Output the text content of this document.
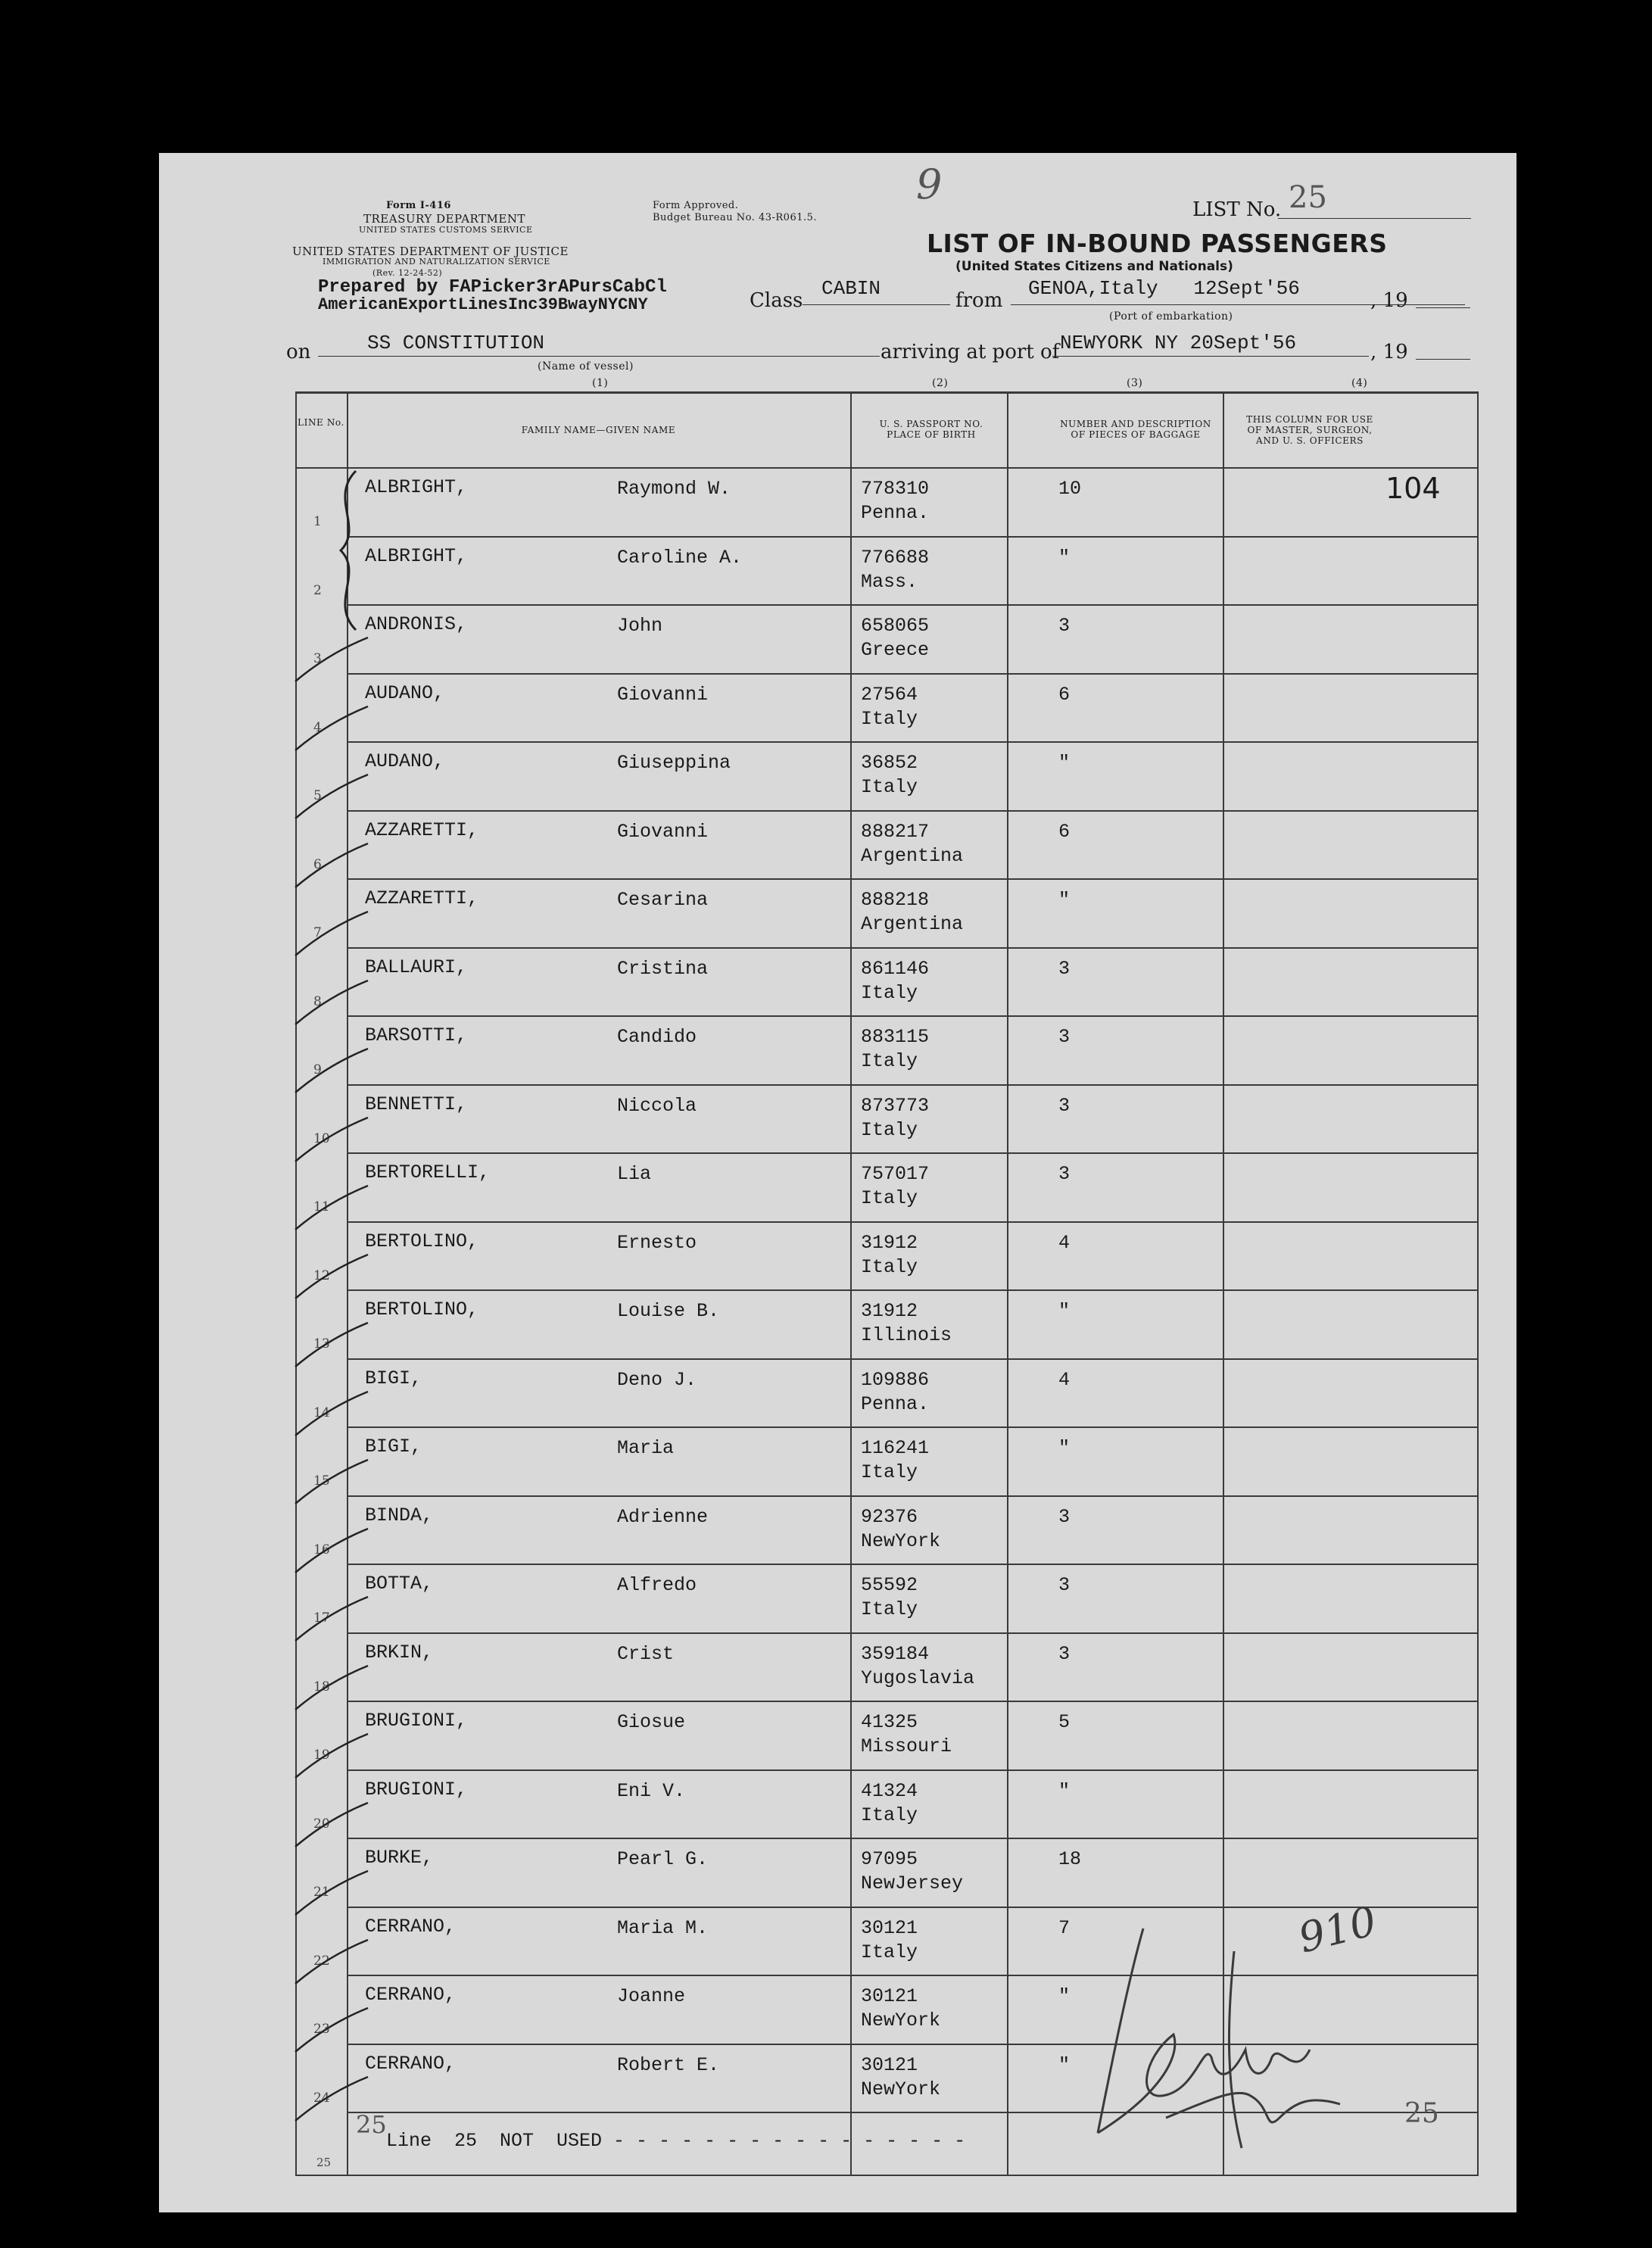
Form I-416
TREASURY DEPARTMENT
UNITED STATES CUSTOMS SERVICE
UNITED STATES DEPARTMENT OF JUSTICE
IMMIGRATION AND NATURALIZATION SERVICE
(Rev. 12-24-52)
Form Approved.
Budget Bureau No. 43-R061.5.
9
LIST No. 25
LIST OF IN-BOUND PASSENGERS
(United States Citizens and Nationals)
Prepared by FAPicker3rAPursCabCl
AmericanExportLinesInc39BwayNYCNY	Class
CABIN
from
GENOA,Italy   12Sept'56
, 19
(Port of embarkation)
on	SS CONSTITUTION
(Name of vessel)
arriving at port of NEWYORK NY 20Sept'56	, 19
(1)	(2)	(3)	(4)
LINE No.
FAMILY NAME—GIVEN NAME
U. S. PASSPORT NO. PLACE OF BIRTH
NUMBER AND DESCRIPTION OF PIECES OF BAGGAGE
THIS COLUMN FOR USE OF MASTER, SURGEON, AND U. S. OFFICERS
1
ALBRIGHT,	Raymond W.	778310
Penna.
10	104
2
ALBRIGHT,	Caroline A.	776688
Mass.
"
3
ANDRONIS,	John	658065
Greece
3
4
AUDANO,	Giovanni	27564
Italy
6
5
AUDANO,	Giuseppina	36852
Italy
"
6
AZZARETTI,	Giovanni	888217
Argentina
6
7
AZZARETTI,	Cesarina	888218
Argentina
"
8
BALLAURI,	Cristina	861146
Italy
3
9
BARSOTTI,	Candido	883115
Italy
3
10
BENNETTI,	Niccola	873773
Italy
3
11
BERTORELLI,	Lia	757017
Italy
3
12
BERTOLINO,	Ernesto	31912
Italy
4
13
BERTOLINO,	Louise B.	31912
Illinois
"
14
BIGI,	Deno J.	109886
Penna.
4
15
BIGI,	Maria	116241
Italy
"
16
BINDA,	Adrienne	92376
NewYork
3
17
BOTTA,	Alfredo	55592
Italy
3
18
BRKIN,	Crist	359184
Yugoslavia
3
19
BRUGIONI,	Giosue	41325
Missouri
5
20
BRUGIONI,	Eni V.	41324
Italy
"
21
BURKE,	Pearl G.	97095
NewJersey
18
22
CERRANO,	Maria M.	30121
Italy
7
23
CERRANO,	Joanne	30121
NewYork
"
24
CERRANO,	Robert E.	30121
NewYork
"
25
25
Line  25  NOT  USED - - - - - - - - - - - - - - - -
25
910
